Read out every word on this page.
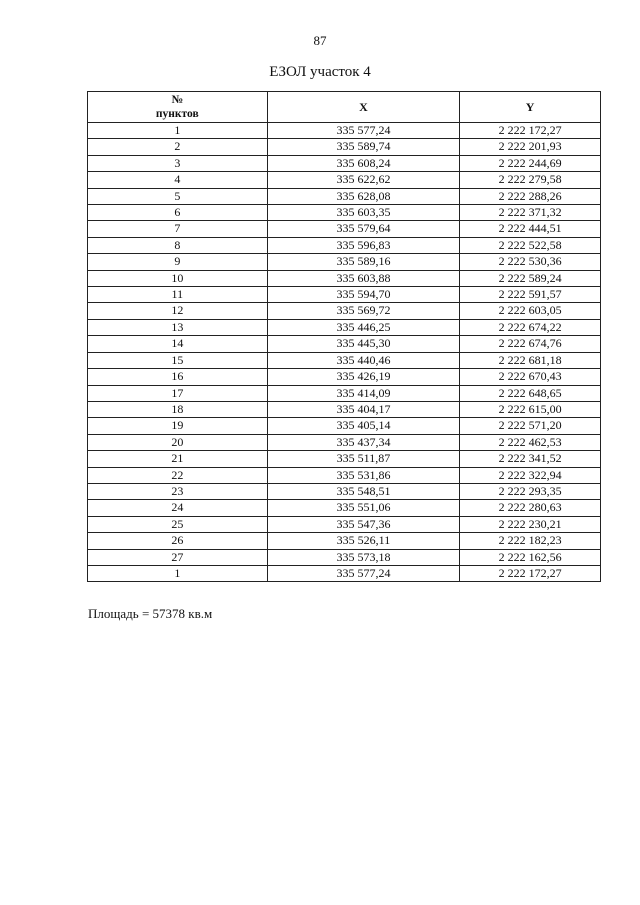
87
ЕЗОЛ участок 4
№
пунктов	X	Y
1	335 577,24	2 222 172,27
2	335 589,74	2 222 201,93
3	335 608,24	2 222 244,69
4	335 622,62	2 222 279,58
5	335 628,08	2 222 288,26
6	335 603,35	2 222 371,32
7	335 579,64	2 222 444,51
8	335 596,83	2 222 522,58
9	335 589,16	2 222 530,36
10	335 603,88	2 222 589,24
11	335 594,70	2 222 591,57
12	335 569,72	2 222 603,05
13	335 446,25	2 222 674,22
14	335 445,30	2 222 674,76
15	335 440,46	2 222 681,18
16	335 426,19	2 222 670,43
17	335 414,09	2 222 648,65
18	335 404,17	2 222 615,00
19	335 405,14	2 222 571,20
20	335 437,34	2 222 462,53
21	335 511,87	2 222 341,52
22	335 531,86	2 222 322,94
23	335 548,51	2 222 293,35
24	335 551,06	2 222 280,63
25	335 547,36	2 222 230,21
26	335 526,11	2 222 182,23
27	335 573,18	2 222 162,56
1	335 577,24	2 222 172,27
Площадь = 57378 кв.м
